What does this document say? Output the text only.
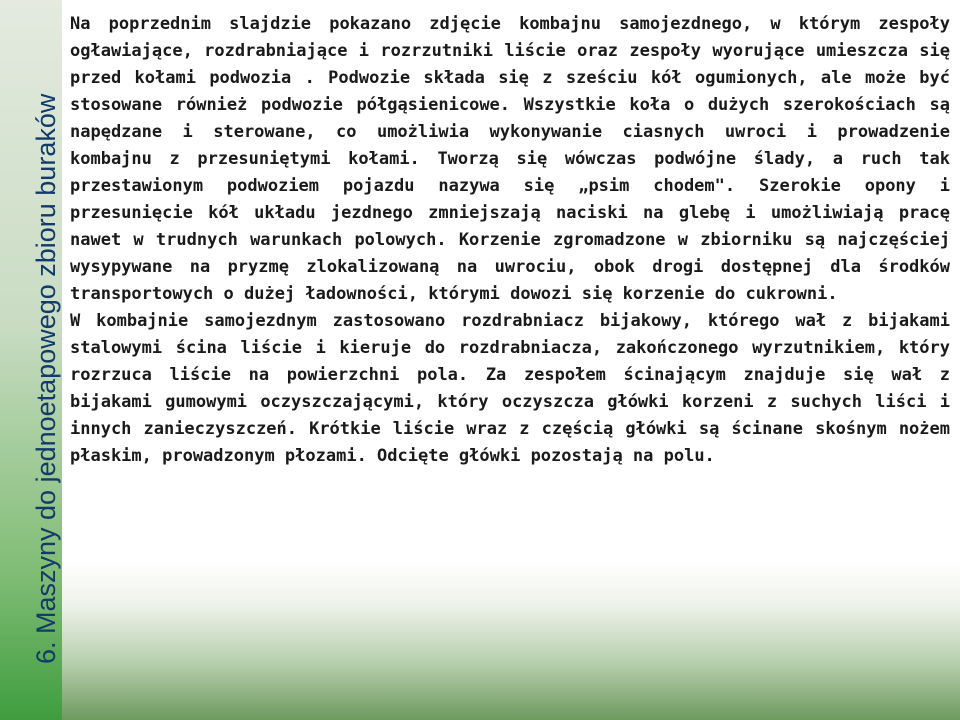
6. Maszyny do jednoetapowego zbioru buraków

Na poprzednim slajdzie pokazano zdjęcie kombajnu samojezdnego, w którym zespoły ogławiające, rozdrabniające i rozrzutniki liście oraz zespoły wyorujące umieszcza się przed kołami podwozia . Podwozie składa się z sześciu kół ogumionych, ale może być stosowane również podwozie półgąsienicowe. Wszystkie koła o dużych szerokościach są napędzane i sterowane, co umożliwia wykonywanie ciasnych uwroci i prowadzenie kombajnu z przesuniętymi kołami. Tworzą się wówczas podwójne ślady, a ruch tak przestawionym podwoziem pojazdu nazywa się „psim chodem". Szerokie opony i przesunięcie kół układu jezdnego zmniejszają naciski na glebę i umożliwiają pracę nawet w trudnych warunkach polowych. Korzenie zgromadzone w zbiorniku są najczęściej wysypywane na pryzmę zlokalizowaną na uwrociu, obok drogi dostępnej dla środków transportowych o dużej ładowności, którymi dowozi się korzenie do cukrowni.

W kombajnie samojezdnym zastosowano rozdrabniacz bijakowy, którego wał z bijakami stalowymi ścina liście i kieruje do rozdrabniacza, zakończonego wyrzutnikiem, który rozrzuca liście na powierzchni pola. Za zespołem ścinającym znajduje się wał z bijakami gumowymi oczyszczającymi, który oczyszcza główki korzeni z suchych liści i innych zanieczyszczeń. Krótkie liście wraz z częścią główki są ścinane skośnym nożem płaskim, prowadzonym płozami. Odcięte główki pozostają na polu.
